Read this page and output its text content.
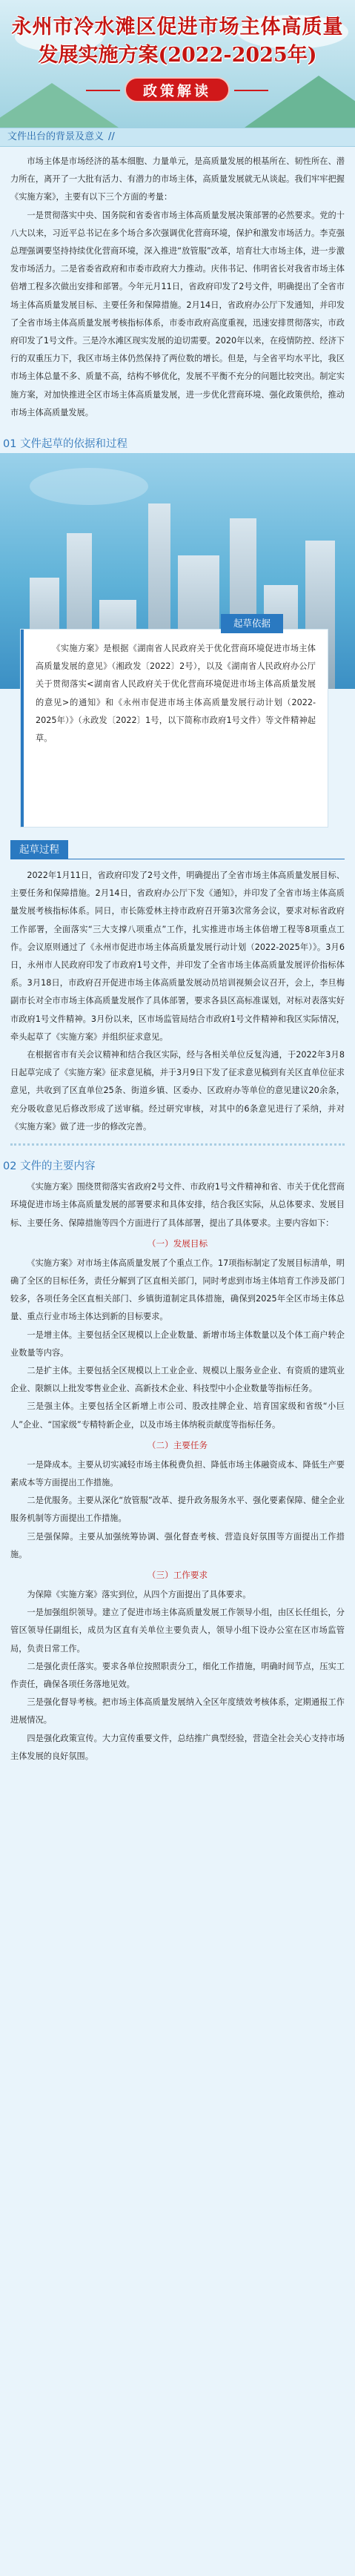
永州市冷水滩区促进市场主体高质量
发展实施方案(2022-2025年)
政策解读
文件出台的背景及意义 //

市场主体是市场经济的基本细胞、力量单元，是高质量发展的根基所在、韧性所在、潜力所在，离开了一大批有活力、有潜力的市场主体，高质量发展就无从谈起。我们牢牢把握《实施方案》，主要有以下三个方面的考量：

一是贯彻落实中央、国务院和省委省市场主体高质量发展决策部署的必然要求。党的十八大以来，习近平总书记在多个场合多次强调优化营商环境，保护和激发市场活力。李克强总理强调要坚持持续优化营商环境，深入推进“放管服”改革，培育壮大市场主体，进一步激发市场活力。二是省委省政府和市委市政府大力推动。庆伟书记、伟明省长对我省市场主体倍增工程多次做出安排和部署。今年元月11日，省政府印发了2号文件，明确提出了全省市场主体高质量发展目标、主要任务和保障措施。2月14日，省政府办公厅下发通知，并印发了全省市场主体高质量发展考核指标体系，市委市政府高度重视，迅速安排贯彻落实，市政府印发了1号文件。三是冷水滩区现实发展的迫切需要。2020年以来，在疫情防控、经济下行的双重压力下，我区市场主体仍然保持了两位数的增长。但是，与全省平均水平比，我区市场主体总量不多、质量不高，结构不够优化，发展不平衡不充分的问题比较突出。制定实施方案，对加快推进全区市场主体高质量发展，进一步优化营商环境、强化政策供给，推动市场主体高质量发展。

01 文件起草的依据和过程

《实施方案》是根据《湖南省人民政府关于优化营商环境促进市场主体高质量发展的意见》（湘政发〔2022〕2号），以及《湖南省人民政府办公厅关于贯彻落实<湖南省人民政府关于优化营商环境促进市场主体高质量发展的意见>的通知》和《永州市促进市场主体高质量发展行动计划（2022-2025年）》（永政发〔2022〕1号，以下简称市政府1号文件）等文件精神起草。

起草依据
起草过程

2022年1月11日，省政府印发了2号文件，明确提出了全省市场主体高质量发展目标、主要任务和保障措施。2月14日，省政府办公厅下发《通知》，并印发了全省市场主体高质量发展考核指标体系。同日，市长陈爱林主持市政府召开第3次常务会议，要求对标省政府工作部署，全面落实“三大支撑八项重点”工作，扎实推进市场主体倍增工程等8项重点工作。会议原则通过了《永州市促进市场主体高质量发展行动计划（2022-2025年）》。3月6日，永州市人民政府印发了市政府1号文件，并印发了全省市场主体高质量发展评价指标体系。3月18日，市政府召开促进市场主体高质量发展动员培训视频会议召开，会上，李旦梅副市长对全市市场主体高质量发展作了具体部署，要求各县区高标准谋划，对标对表落实好市政府1号文件精神。3月份以来，区市场监管局结合市政府1号文件精神和我区实际情况，牵头起草了《实施方案》并组织征求意见。

在根据省市有关会议精神和结合我区实际，经与各相关单位反复沟通，于2022年3月8日起草完成了《实施方案》征求意见稿，并于3月9日下发了征求意见稿到有关区直单位征求意见，共收到了区直单位25条、街道乡镇、区委办、区政府办等单位的意见建议20余条，充分吸收意见后修改形成了送审稿。经过研究审核，对其中的6条意见进行了采纳，并对《实施方案》做了进一步的修改完善。

02 文件的主要内容

《实施方案》围绕贯彻落实省政府2号文件、市政府1号文件精神和省、市关于优化营商环境促进市场主体高质量发展的部署要求和具体安排，结合我区实际，从总体要求、发展目标、主要任务、保障措施等四个方面进行了具体部署，提出了具体要求。主要内容如下：

（一）发展目标

《实施方案》对市场主体高质量发展了个重点工作。17项指标制定了发展目标清单，明确了全区的目标任务，责任分解到了区直相关部门，同时考虑到市场主体培育工作涉及部门较多，各项任务全区直相关部门、乡镇街道制定具体措施，确保到2025年全区市场主体总量、重点行业市场主体达到新的目标要求。

一是增主体。主要包括全区规模以上企业数量、新增市场主体数量以及个体工商户转企业数量等内容。

二是扩主体。主要包括全区规模以上工业企业、规模以上服务业企业、有资质的建筑业企业、限额以上批发零售业企业、高新技术企业、科技型中小企业数量等指标任务。

三是强主体。主要包括全区新增上市公司、股改挂牌企业、培育国家级和省级“小巨人”企业、“国家级”专精特新企业，以及市场主体纳税贡献度等指标任务。

（二）主要任务

一是降成本。主要从切实减轻市场主体税费负担、降低市场主体融资成本、降低生产要素成本等方面提出工作措施。

二是优服务。主要从深化“放管服”改革、提升政务服务水平、强化要素保障、健全企业服务机制等方面提出工作措施。

三是强保障。主要从加强统筹协调、强化督查考核、营造良好氛围等方面提出工作措施。

（三）工作要求

为保障《实施方案》落实到位，从四个方面提出了具体要求。

一是加强组织领导。建立了促进市场主体高质量发展工作领导小组，由区长任组长，分管区领导任副组长，成员为区直有关单位主要负责人，领导小组下设办公室在区市场监管局，负责日常工作。

二是强化责任落实。要求各单位按照职责分工，细化工作措施，明确时间节点，压实工作责任，确保各项任务落地见效。

三是强化督导考核。把市场主体高质量发展纳入全区年度绩效考核体系，定期通报工作进展情况。

四是强化政策宣传。大力宣传重要文件，总结推广典型经验，营造全社会关心支持市场主体发展的良好氛围。
